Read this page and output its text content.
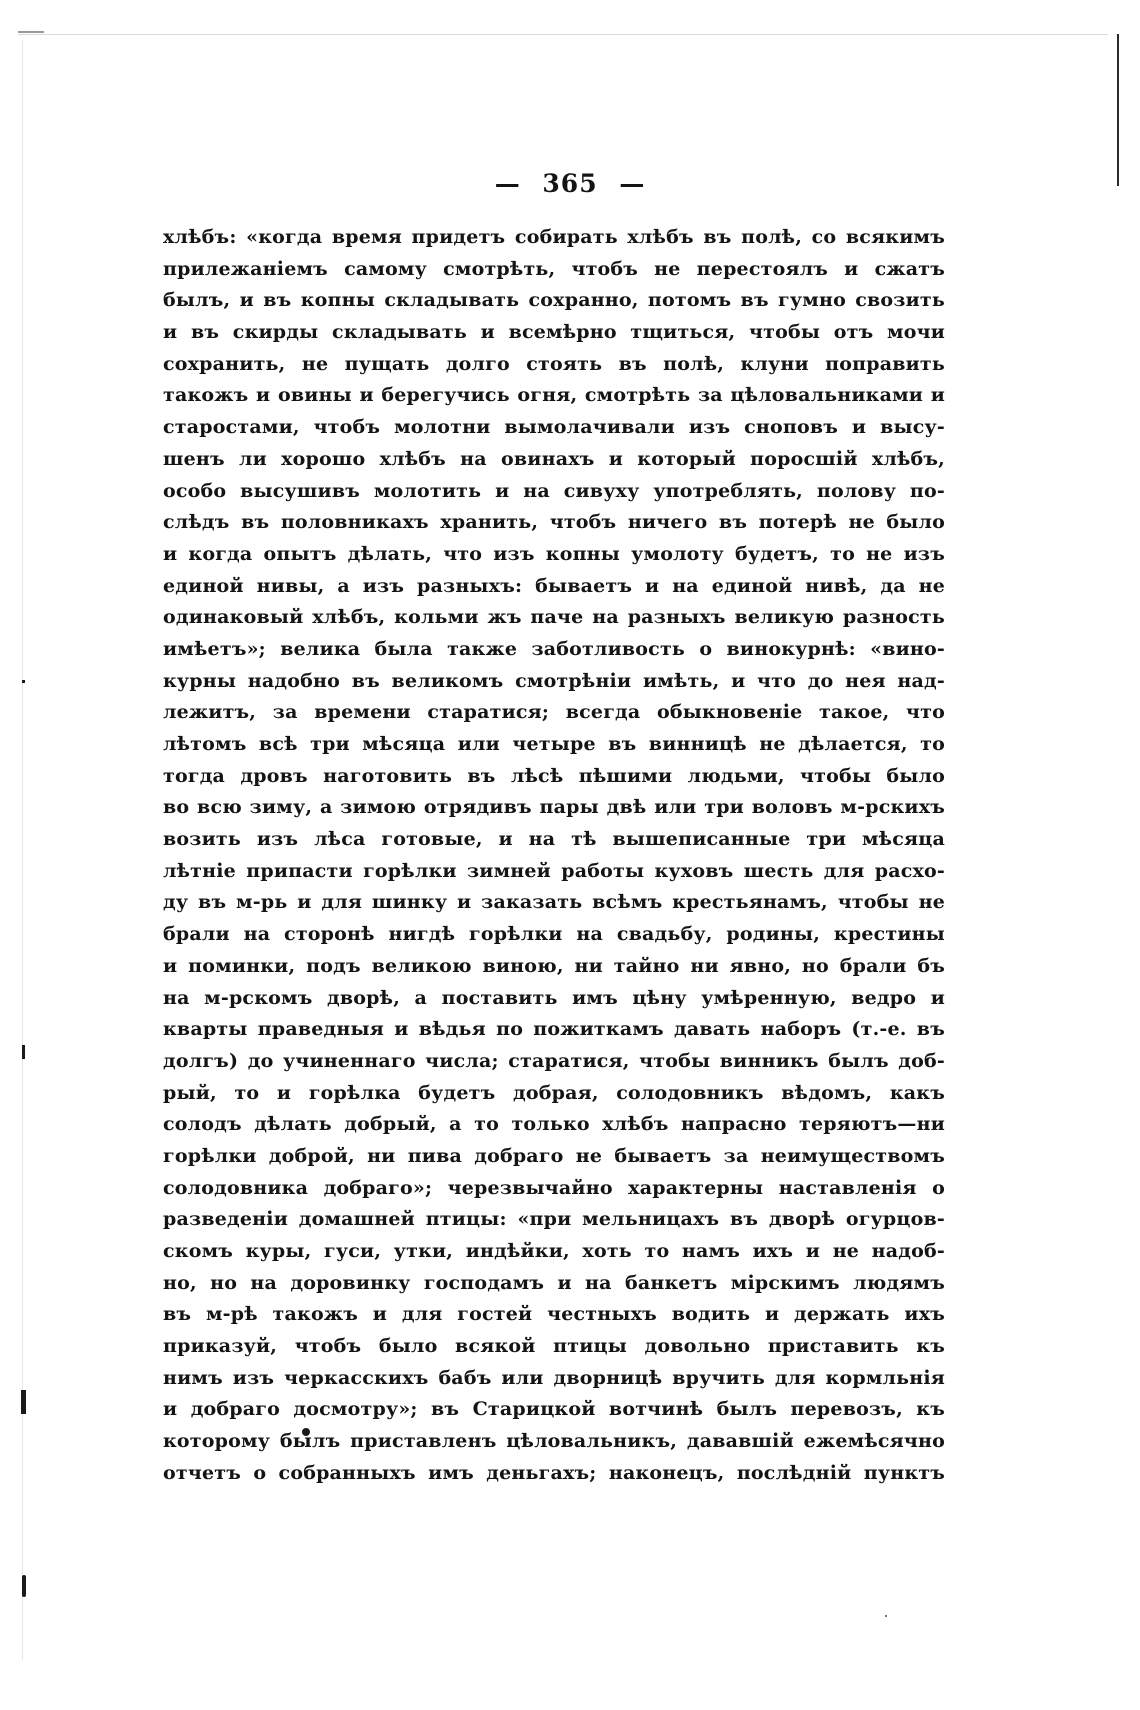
— 365 —
хлѣбъ: «когда время придетъ собирать хлѣбъ въ полѣ, со всякимъ
прилежаніемъ самому смотрѣть, чтобъ не перестоялъ и сжатъ
былъ, и въ копны складывать сохранно, потомъ въ гумно свозить
и въ скирды складывать и всемѣрно тщиться, чтобы отъ мочи
сохранить, не пущать долго стоять въ полѣ, клуни поправить
такожъ и овины и берегучись огня, смотрѣть за цѣловальниками и
старостами, чтобъ молотни вымолачивали изъ сноповъ и высу-
шенъ ли хорошо хлѣбъ на овинахъ и который поросшій хлѣбъ,
особо высушивъ молотить и на сивуху употреблять, полову по-
слѣдъ въ половникахъ хранить, чтобъ ничего въ потерѣ не было
и когда опытъ дѣлать, что изъ копны умолоту будетъ, то не изъ
единой нивы, а изъ разныхъ: бываетъ и на единой нивѣ, да не
одинаковый хлѣбъ, кольми жъ паче на разныхъ великую разность
имѣетъ»; велика была также заботливость о винокурнѣ: «вино-
курны надобно въ великомъ смотрѣніи имѣть, и что до нея над-
лежитъ, за времени старатися; всегда обыкновеніе такое, что
лѣтомъ всѣ три мѣсяца или четыре въ винницѣ не дѣлается, то
тогда дровъ наготовить въ лѣсѣ пѣшими людьми, чтобы было
во всю зиму, а зимою отрядивъ пары двѣ или три воловъ м-рскихъ
возить изъ лѣса готовые, и на тѣ вышеписанные три мѣсяца
лѣтніе припасти горѣлки зимней работы куховъ шесть для расхо-
ду въ м-рь и для шинку и заказать всѣмъ крестьянамъ, чтобы не
брали на сторонѣ нигдѣ горѣлки на свадьбу, родины, крестины
и поминки, подъ великою виною, ни тайно ни явно, но брали бъ
на м-рскомъ дворѣ, а поставить имъ цѣну умѣренную, ведро и
кварты праведныя и вѣдья по пожиткамъ давать наборъ (т.-е. въ
долгъ) до учиненнаго числа; старатися, чтобы винникъ былъ доб-
рый, то и горѣлка будетъ добрая, солодовникъ вѣдомъ, какъ
солодъ дѣлать добрый, а то только хлѣбъ напрасно теряютъ—ни
горѣлки доброй, ни пива добраго не бываетъ за неимуществомъ
солодовника добраго»; черезвычайно характерны наставленія о
разведеніи домашней птицы: «при мельницахъ въ дворѣ огурцов-
скомъ куры, гуси, утки, индѣйки, хоть то намъ ихъ и не надоб-
но, но на доровинку господамъ и на банкетъ мірскимъ людямъ
въ м-рѣ такожъ и для гостей честныхъ водить и держать ихъ
приказуй, чтобъ было всякой птицы довольно приставить къ
нимъ изъ черкасскихъ бабъ или дворницѣ вручить для кормльнія
и добраго досмотру»; въ Старицкой вотчинѣ былъ перевозъ, къ
которому былъ приставленъ цѣловальникъ, дававшій ежемѣсячно
отчетъ о собранныхъ имъ деньгахъ; наконецъ, послѣдній пунктъ
